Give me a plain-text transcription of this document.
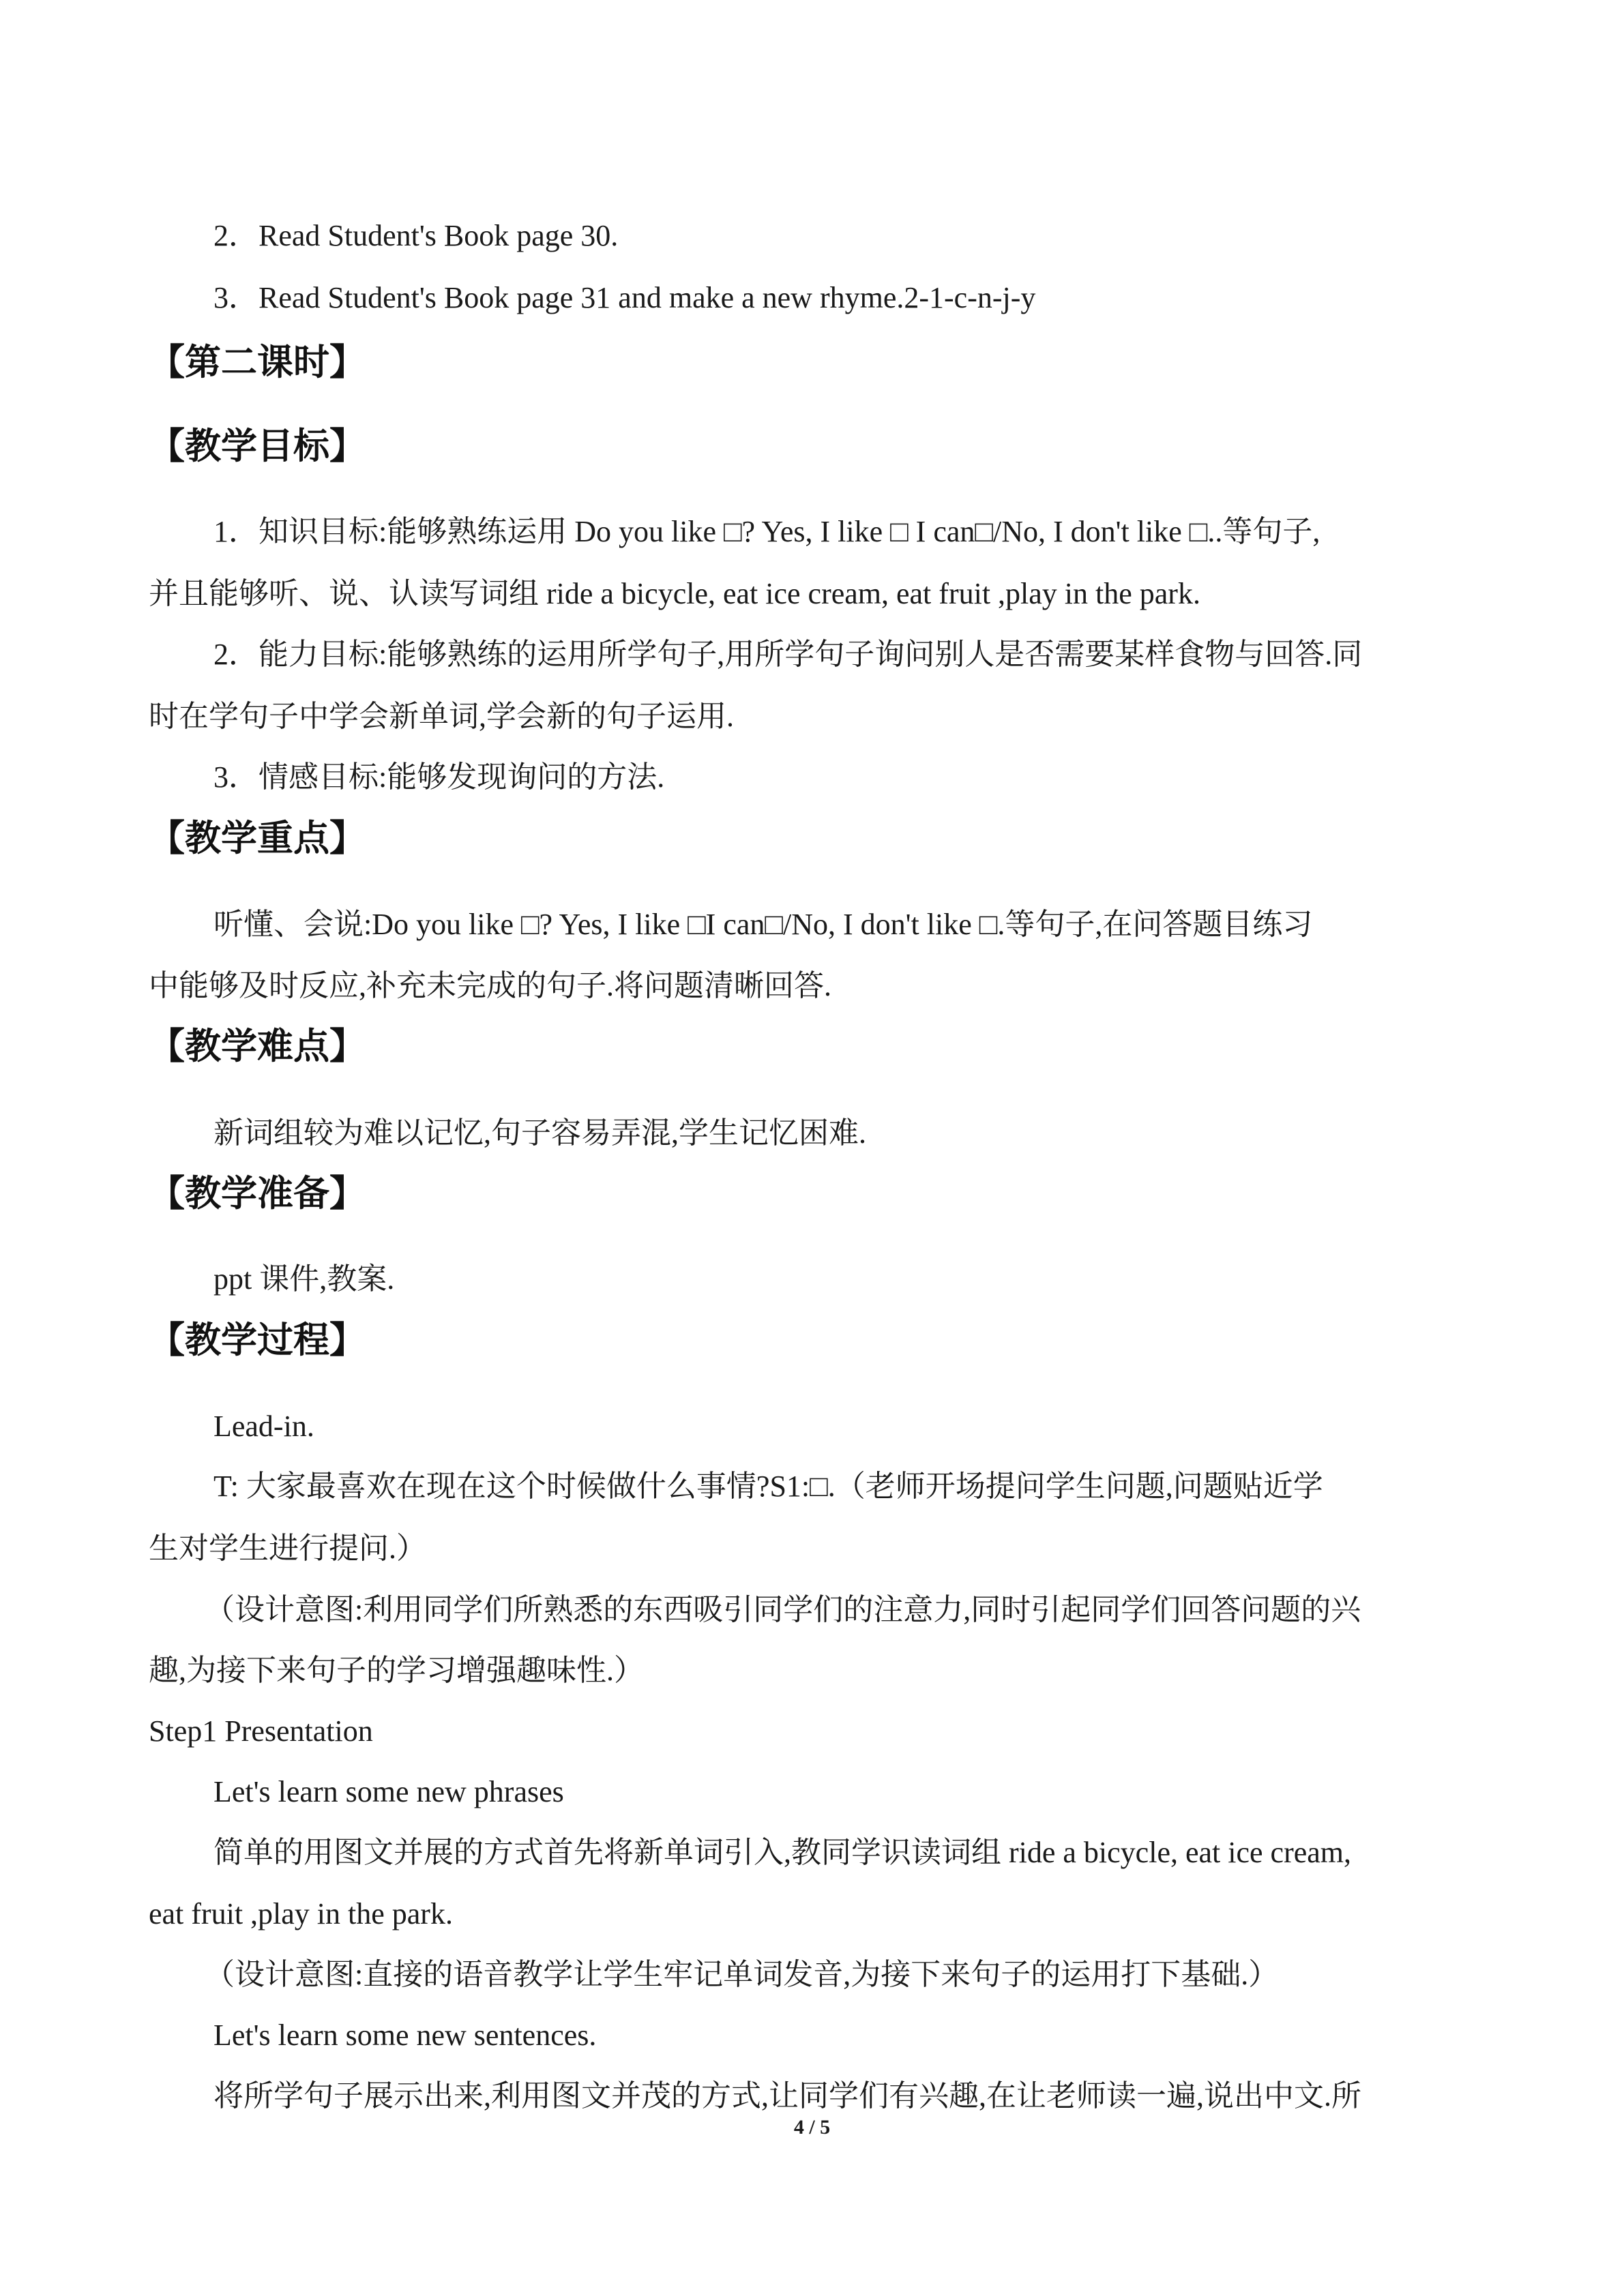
2．Read Student's Book page 30.
3．Read Student's Book page 31 and make a new rhyme.2-1-c-n-j-y
【第二课时】
【教学目标】
1．知识目标:能够熟练运用 Do you like □? Yes, I like □ I can□/No, I don't like □..等句子,
并且能够听、说、认读写词组 ride a bicycle, eat ice cream, eat fruit ,play in the park.
2．能力目标:能够熟练的运用所学句子,用所学句子询问别人是否需要某样食物与回答.同
时在学句子中学会新单词,学会新的句子运用.
3．情感目标:能够发现询问的方法.
【教学重点】
听懂、会说:Do you like □? Yes, I like □I can□/No, I don't like □.等句子,在问答题目练习
中能够及时反应,补充未完成的句子.将问题清晰回答.
【教学难点】
新词组较为难以记忆,句子容易弄混,学生记忆困难.
【教学准备】
ppt 课件,教案.
【教学过程】
Lead-in.
T: 大家最喜欢在现在这个时候做什么事情?S1:□.（老师开场提问学生问题,问题贴近学
生对学生进行提问.）
（设计意图:利用同学们所熟悉的东西吸引同学们的注意力,同时引起同学们回答问题的兴
趣,为接下来句子的学习增强趣味性.）
Step1 Presentation
Let's learn some new phrases
简单的用图文并展的方式首先将新单词引入,教同学识读词组 ride a bicycle, eat ice cream,
eat fruit ,play in the park.
（设计意图:直接的语音教学让学生牢记单词发音,为接下来句子的运用打下基础.）
Let's learn some new sentences.
将所学句子展示出来,利用图文并茂的方式,让同学们有兴趣,在让老师读一遍,说出中文.所
4 / 5
